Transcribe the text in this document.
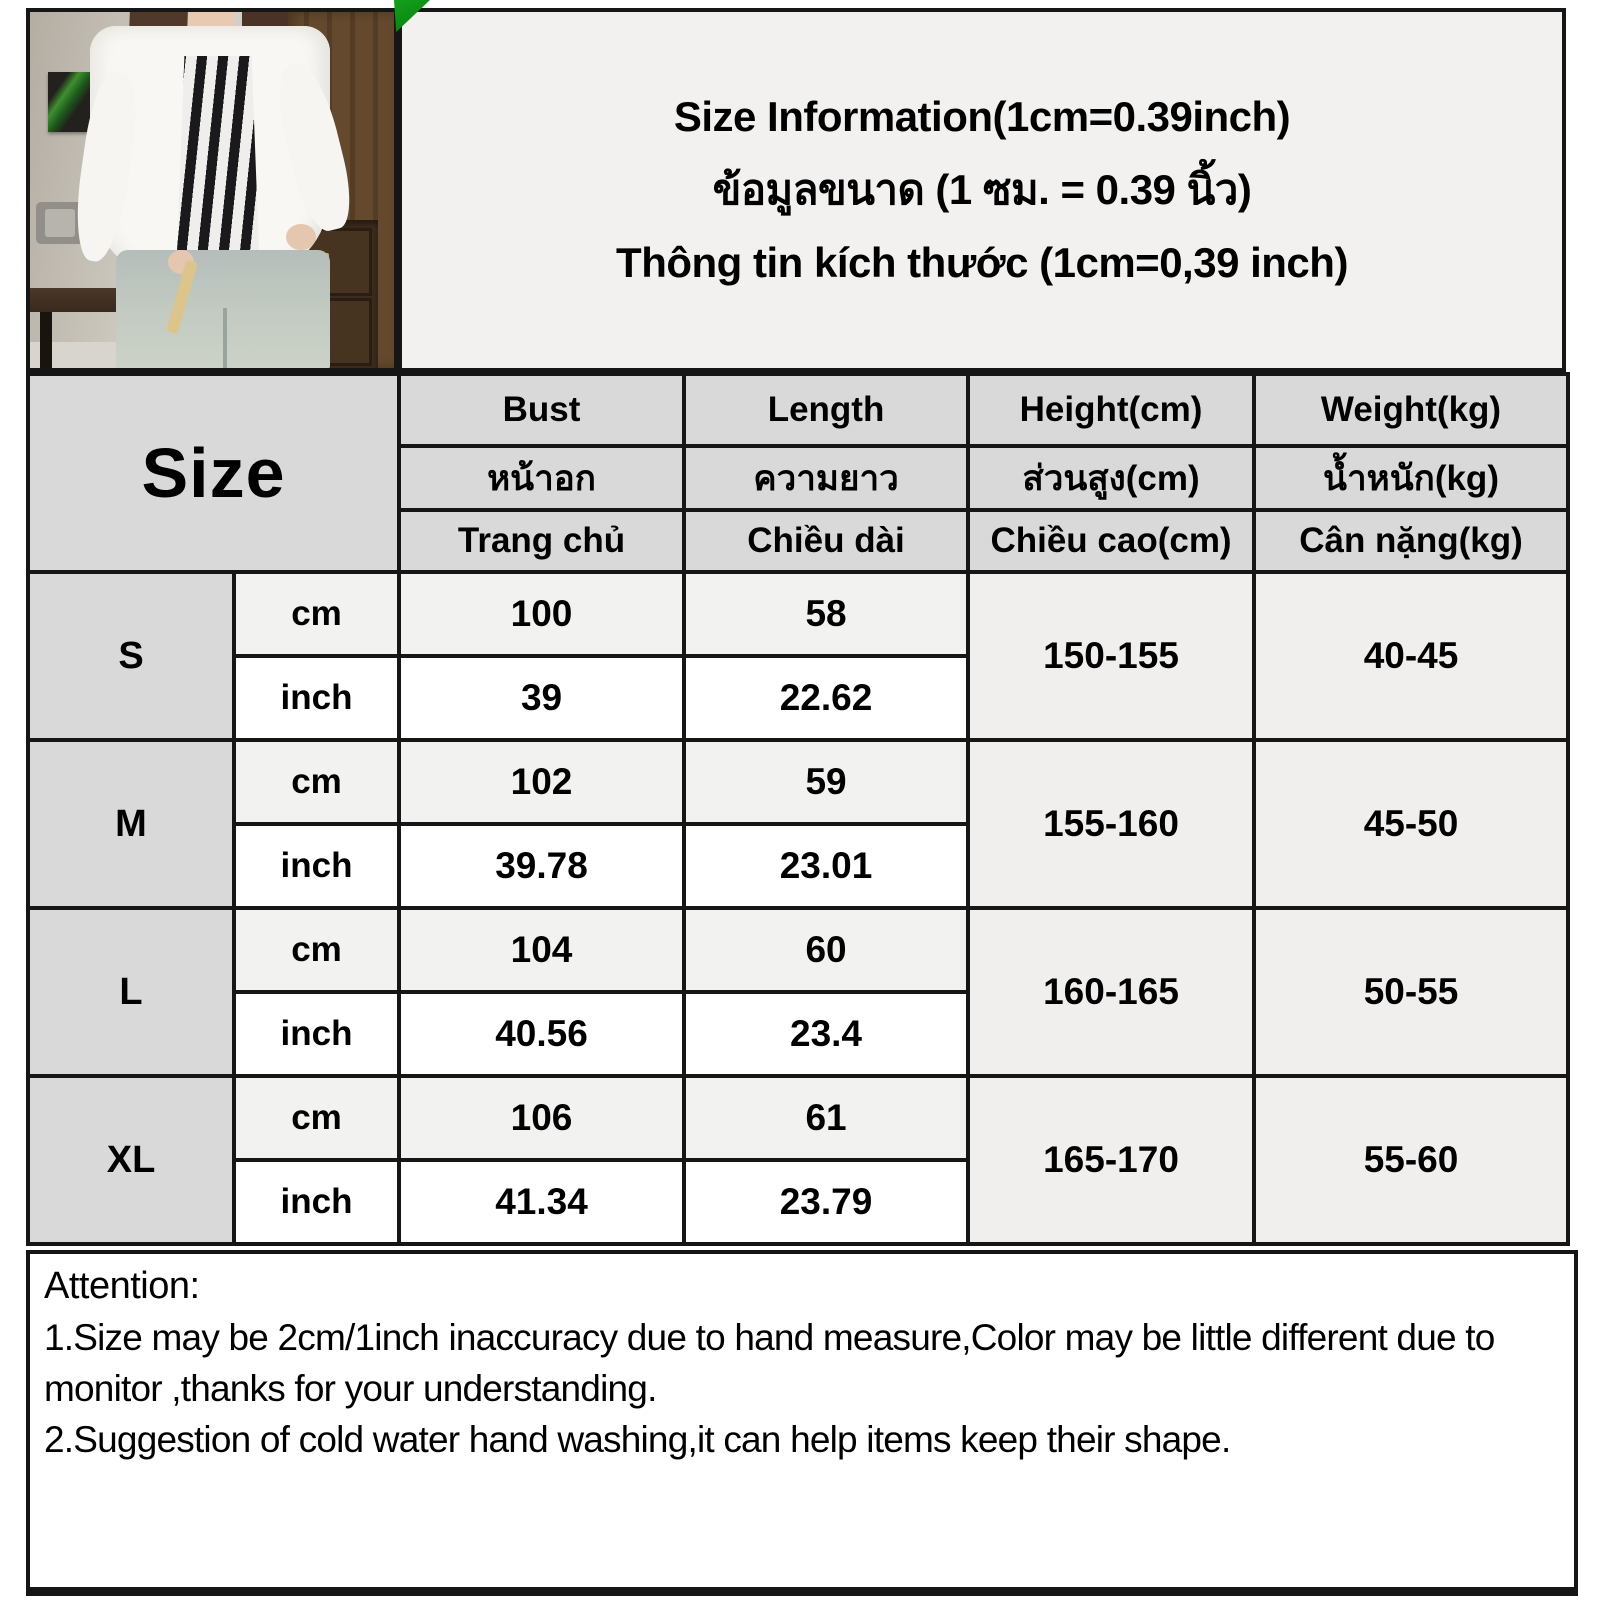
Size Information(1cm=0.39inch)
ข้อมูลขนาด (1 ซม. = 0.39 นิ้ว)
Thông tin kích thước (1cm=0,39 inch)
Size		Bust	Length	Height(cm)	Weight(kg)
		หน้าอก	ความยาว	ส่วนสูง(cm)	น้ำหนัก(kg)
		Trang chủ	Chiều dài	Chiều cao(cm)	Cân nặng(kg)
S	cm	100	58	150-155	40-45
	inch	39	22.62		
M	cm	102	59	155-160	45-50
	inch	39.78	23.01		
L	cm	104	60	160-165	50-55
	inch	40.56	23.4		
XL	cm	106	61	165-170	55-60
	inch	41.34	23.79		
Attention:

1.Size may be 2cm/1inch inaccuracy due to hand measure,Color may be little different due to monitor ,thanks for your understanding.

2.Suggestion of cold water hand washing,it can help items keep their shape.
